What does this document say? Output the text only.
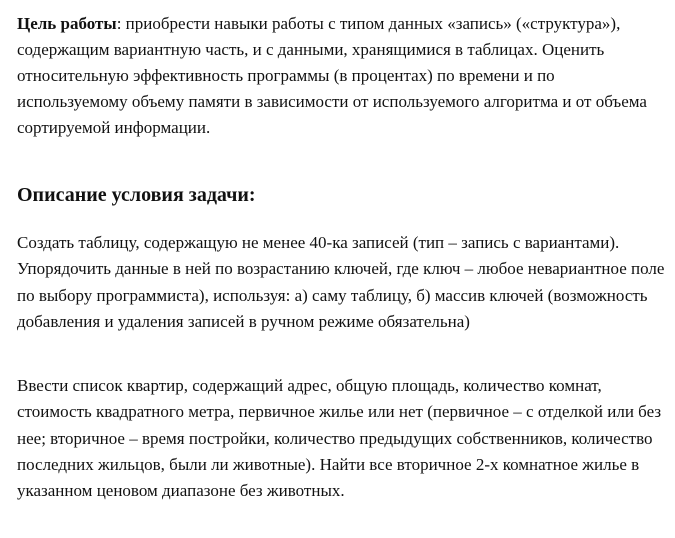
Цель работы: приобрести навыки работы с типом данных «запись» («структура»), содержащим вариантную часть, и с данными, хранящимися в таблицах. Оценить относительную эффективность программы (в процентах) по времени и по используемому объему памяти в зависимости от используемого алгоритма и от объема сортируемой информации.

Описание условия задачи:

Создать таблицу, содержащую не менее 40-ка записей (тип – запись с вариантами). Упорядочить данные в ней по возрастанию ключей, где ключ – любое невариантное поле по выбору программиста), используя: а) саму таблицу, б) массив ключей (возможность добавления и удаления записей в ручном режиме обязательна)

Ввести список квартир, содержащий адрес, общую площадь, количество комнат, стоимость квадратного метра, первичное жилье или нет (первичное – с отделкой или без нее; вторичное – время постройки, количество предыдущих собственников, количество последних жильцов, были ли животные). Найти все вторичное 2-х комнатное жилье в указанном ценовом диапазоне без животных.
